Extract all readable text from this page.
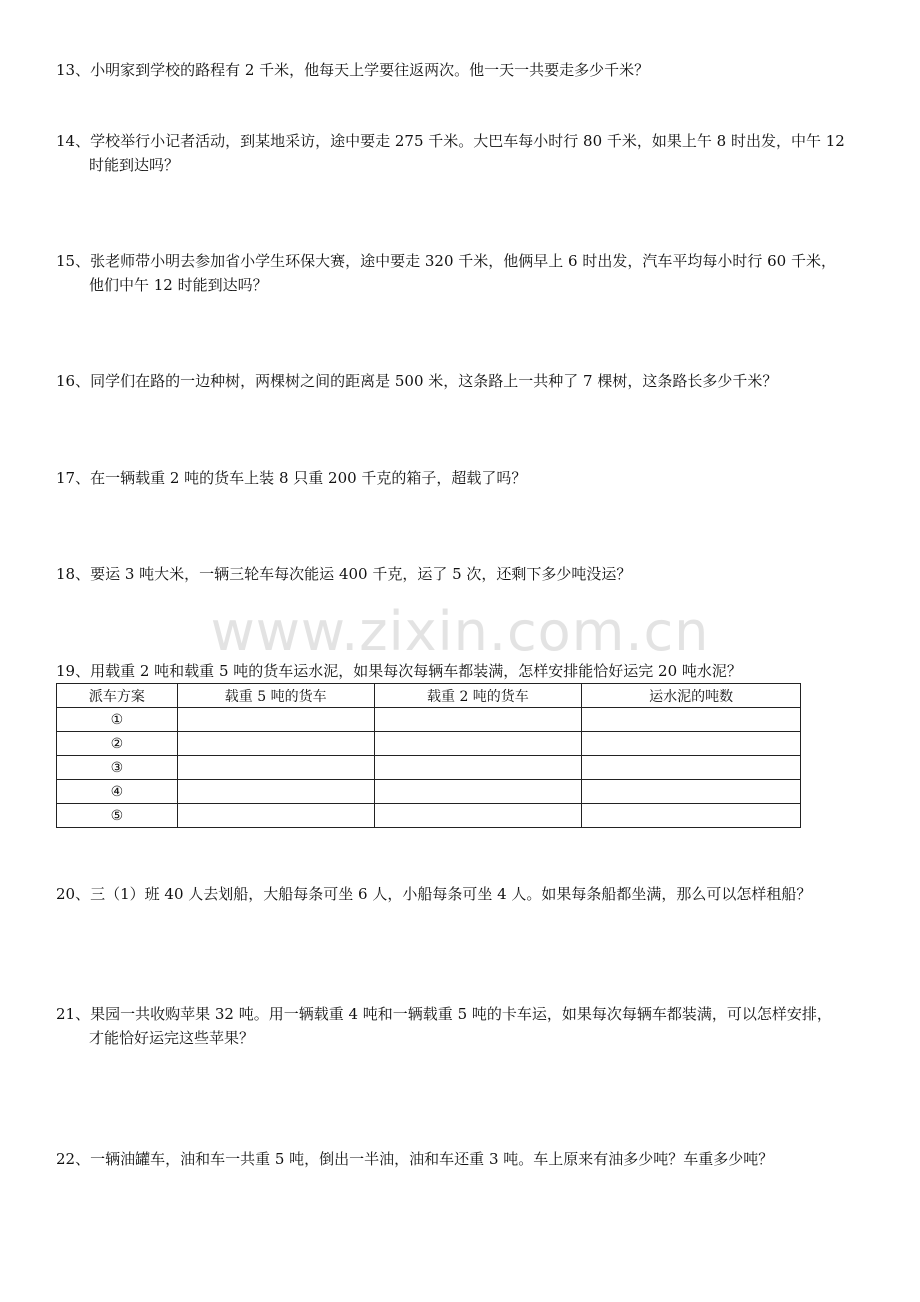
13、小明家到学校的路程有 2 千米，他每天上学要往返两次。他一天一共要走多少千米？

14、学校举行小记者活动，到某地采访，途中要走 275 千米。大巴车每小时行 80 千米，如果上午 8 时出发，中午 12
时能到达吗？

15、张老师带小明去参加省小学生环保大赛，途中要走 320 千米，他俩早上 6 时出发，汽车平均每小时行 60 千米，
他们中午 12 时能到达吗？

16、同学们在路的一边种树，两棵树之间的距离是 500 米，这条路上一共种了 7 棵树，这条路长多少千米？

17、在一辆载重 2 吨的货车上装 8 只重 200 千克的箱子，超载了吗？

18、要运 3 吨大米，一辆三轮车每次能运 400 千克，运了 5 次，还剩下多少吨没运？

www.zixin.com.cn

19、用载重 2 吨和载重 5 吨的货车运水泥，如果每次每辆车都装满，怎样安排能恰好运完 20 吨水泥？

派车方案	载重 5 吨的货车	载重 2 吨的货车	运水泥的吨数
①			
②			
③			
④			
⑤			

20、三（1）班 40 人去划船，大船每条可坐 6 人，小船每条可坐 4 人。如果每条船都坐满，那么可以怎样租船？

21、果园一共收购苹果 32 吨。用一辆载重 4 吨和一辆载重 5 吨的卡车运，如果每次每辆车都装满，可以怎样安排，
才能恰好运完这些苹果？

22、一辆油罐车，油和车一共重 5 吨，倒出一半油，油和车还重 3 吨。车上原来有油多少吨？车重多少吨？
